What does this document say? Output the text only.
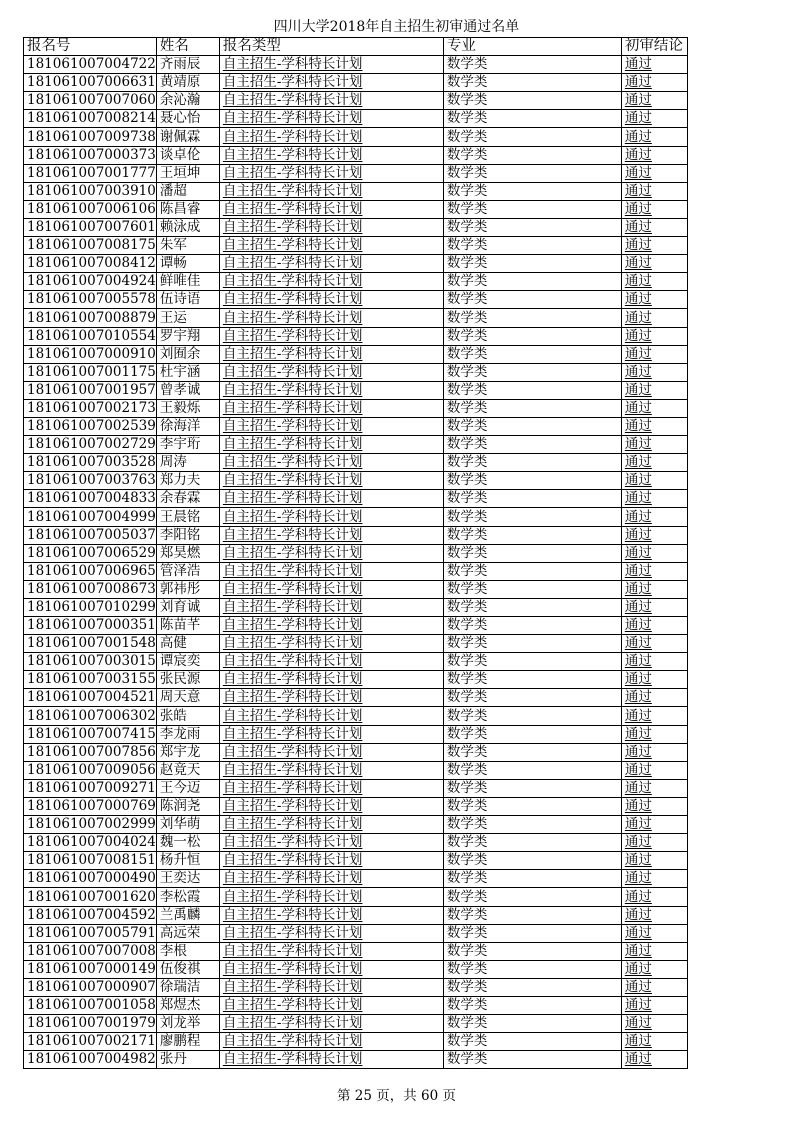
四川大学2018年自主招生初审通过名单
报名号	姓名	报名类型	专业	初审结论
181061007004722	齐雨辰	自主招生-学科特长计划	数学类	通过
181061007006631	黄靖原	自主招生-学科特长计划	数学类	通过
181061007007060	余沁瀚	自主招生-学科特长计划	数学类	通过
181061007008214	聂心怡	自主招生-学科特长计划	数学类	通过
181061007009738	谢佩霖	自主招生-学科特长计划	数学类	通过
181061007000373	谈卓伦	自主招生-学科特长计划	数学类	通过
181061007001777	王垣坤	自主招生-学科特长计划	数学类	通过
181061007003910	潘超	自主招生-学科特长计划	数学类	通过
181061007006106	陈昌睿	自主招生-学科特长计划	数学类	通过
181061007007601	赖泳成	自主招生-学科特长计划	数学类	通过
181061007008175	朱军	自主招生-学科特长计划	数学类	通过
181061007008412	谭畅	自主招生-学科特长计划	数学类	通过
181061007004924	鲜唯佳	自主招生-学科特长计划	数学类	通过
181061007005578	伍诗语	自主招生-学科特长计划	数学类	通过
181061007008879	王运	自主招生-学科特长计划	数学类	通过
181061007010554	罗宇翔	自主招生-学科特长计划	数学类	通过
181061007000910	刘囿余	自主招生-学科特长计划	数学类	通过
181061007001175	杜宇涵	自主招生-学科特长计划	数学类	通过
181061007001957	曾孝诚	自主招生-学科特长计划	数学类	通过
181061007002173	王毅烁	自主招生-学科特长计划	数学类	通过
181061007002539	徐海洋	自主招生-学科特长计划	数学类	通过
181061007002729	李宇珩	自主招生-学科特长计划	数学类	通过
181061007003528	周涛	自主招生-学科特长计划	数学类	通过
181061007003763	郑力夫	自主招生-学科特长计划	数学类	通过
181061007004833	余春霖	自主招生-学科特长计划	数学类	通过
181061007004999	王晨铭	自主招生-学科特长计划	数学类	通过
181061007005037	李阳铭	自主招生-学科特长计划	数学类	通过
181061007006529	郑昊燃	自主招生-学科特长计划	数学类	通过
181061007006965	管泽浩	自主招生-学科特长计划	数学类	通过
181061007008673	郭祎彤	自主招生-学科特长计划	数学类	通过
181061007010299	刘育诚	自主招生-学科特长计划	数学类	通过
181061007000351	陈苗芊	自主招生-学科特长计划	数学类	通过
181061007001548	高健	自主招生-学科特长计划	数学类	通过
181061007003015	谭宸奕	自主招生-学科特长计划	数学类	通过
181061007003155	张民源	自主招生-学科特长计划	数学类	通过
181061007004521	周天意	自主招生-学科特长计划	数学类	通过
181061007006302	张皓	自主招生-学科特长计划	数学类	通过
181061007007415	李龙雨	自主招生-学科特长计划	数学类	通过
181061007007856	郑宇龙	自主招生-学科特长计划	数学类	通过
181061007009056	赵竟天	自主招生-学科特长计划	数学类	通过
181061007009271	王今迈	自主招生-学科特长计划	数学类	通过
181061007000769	陈润尧	自主招生-学科特长计划	数学类	通过
181061007002999	刘华萌	自主招生-学科特长计划	数学类	通过
181061007004024	魏一松	自主招生-学科特长计划	数学类	通过
181061007008151	杨升恒	自主招生-学科特长计划	数学类	通过
181061007000490	王奕达	自主招生-学科特长计划	数学类	通过
181061007001620	李松霞	自主招生-学科特长计划	数学类	通过
181061007004592	兰禹麟	自主招生-学科特长计划	数学类	通过
181061007005791	高远荣	自主招生-学科特长计划	数学类	通过
181061007007008	李根	自主招生-学科特长计划	数学类	通过
181061007000149	伍俊祺	自主招生-学科特长计划	数学类	通过
181061007000907	徐瑞洁	自主招生-学科特长计划	数学类	通过
181061007001058	郑煜杰	自主招生-学科特长计划	数学类	通过
181061007001979	刘龙举	自主招生-学科特长计划	数学类	通过
181061007002171	廖鹏程	自主招生-学科特长计划	数学类	通过
181061007004982	张丹	自主招生-学科特长计划	数学类	通过
第 25 页，共 60 页
